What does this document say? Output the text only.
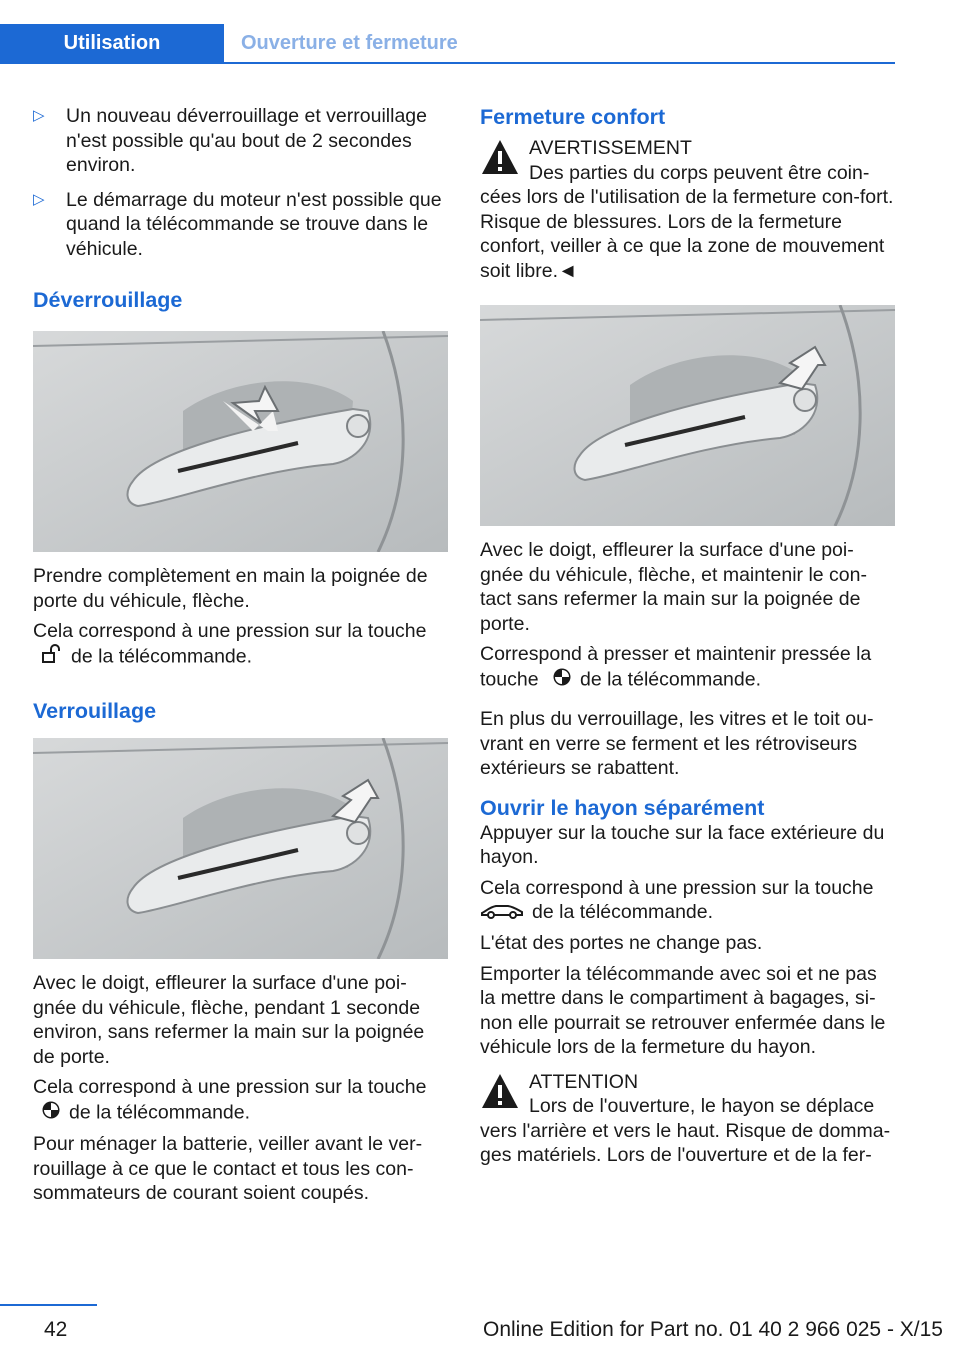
Utilisation	Ouverture et fermeture
▷ Un nouveau déverrouillage et verrouillage n'est possible qu'au bout de 2 secondes environ.
▷ Le démarrage du moteur n'est possible que quand la télécommande se trouve dans le véhicule.
Déverrouillage

Prendre complètement en main la poignée de porte du véhicule, flèche.

Cela correspond à une pression sur la touche
de la télécommande.

Verrouillage

Avec le doigt, effleurer la surface d'une poi‐gnée du véhicule, flèche, pendant 1 seconde environ, sans refermer la main sur la poignée de porte.

Cela correspond à une pression sur la touche
de la télécommande.

Pour ménager la batterie, veiller avant le ver‐rouillage à ce que le contact et tous les con‐sommateurs de courant soient coupés.

Fermeture confort
AVERTISSEMENT
Des parties du corps peuvent être coin‐cées lors de l'utilisation de la fermeture con‐fort. Risque de blessures. Lors de la fermeture confort, veiller à ce que la zone de mouvement soit libre.◄

Avec le doigt, effleurer la surface d'une poi‐gnée du véhicule, flèche, et maintenir le con‐tact sans refermer la main sur la poignée de porte.

Correspond à presser et maintenir pressée la touche de la télécommande.

En plus du verrouillage, les vitres et le toit ou‐vrant en verre se ferment et les rétroviseurs extérieurs se rabattent.

Ouvrir le hayon séparément

Appuyer sur la touche sur la face extérieure du hayon.

Cela correspond à une pression sur la touche
de la télécommande.

L'état des portes ne change pas.

Emporter la télécommande avec soi et ne pas la mettre dans le compartiment à bagages, si‐non elle pourrait se retrouver enfermée dans le véhicule lors de la fermeture du hayon.

ATTENTION
Lors de l'ouverture, le hayon se déplace vers l'arrière et vers le haut. Risque de domma‐ges matériels. Lors de l'ouverture et de la fer‐
42	Online Edition for Part no. 01 40 2 966 025 - X/15
